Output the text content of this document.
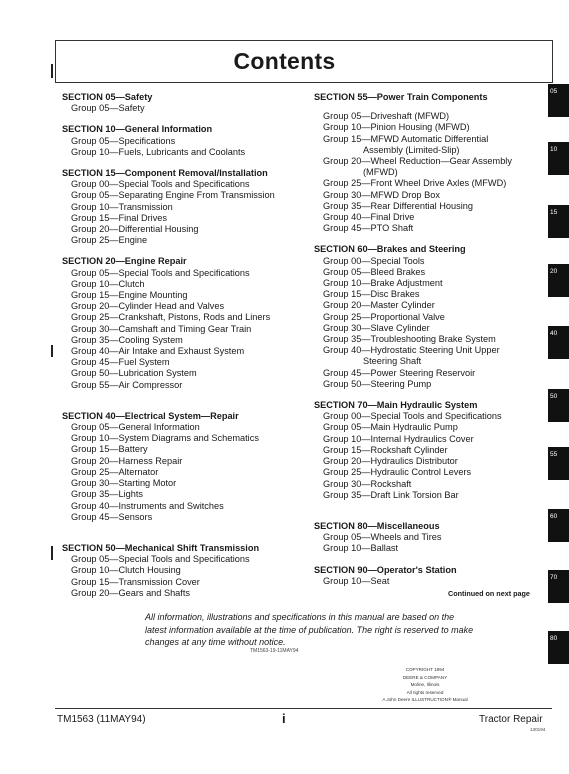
Contents
SECTION 05—Safety
Group 05—Safety
SECTION 10—General Information
Group 05—Specifications
Group 10—Fuels, Lubricants and Coolants
SECTION 15—Component Removal/Installation
Group 00—Special Tools and Specifications
Group 05—Separating Engine From Transmission
Group 10—Transmission
Group 15—Final Drives
Group 20—Differential Housing
Group 25—Engine
SECTION 20—Engine Repair
Group 05—Special Tools and Specifications
Group 10—Clutch
Group 15—Engine Mounting
Group 20—Cylinder Head and Valves
Group 25—Crankshaft, Pistons, Rods and Liners
Group 30—Camshaft and Timing Gear Train
Group 35—Cooling System
Group 40—Air Intake and Exhaust System
Group 45—Fuel System
Group 50—Lubrication System
Group 55—Air Compressor
SECTION 40—Electrical System—Repair
Group 05—General Information
Group 10—System Diagrams and Schematics
Group 15—Battery
Group 20—Harness Repair
Group 25—Alternator
Group 30—Starting Motor
Group 35—Lights
Group 40—Instruments and Switches
Group 45—Sensors
SECTION 50—Mechanical Shift Transmission
Group 05—Special Tools and Specifications
Group 10—Clutch Housing
Group 15—Transmission Cover
Group 20—Gears and Shafts
SECTION 55—Power Train Components
Group 05—Driveshaft (MFWD)
Group 10—Pinion Housing (MFWD)
Group 15—MFWD Automatic Differential
Assembly (Limited-Slip)
Group 20—Wheel Reduction—Gear Assembly
(MFWD)
Group 25—Front Wheel Drive Axles (MFWD)
Group 30—MFWD Drop Box
Group 35—Rear Differential Housing
Group 40—Final Drive
Group 45—PTO Shaft
SECTION 60—Brakes and Steering
Group 00—Special Tools
Group 05—Bleed Brakes
Group 10—Brake Adjustment
Group 15—Disc Brakes
Group 20—Master Cylinder
Group 25—Proportional Valve
Group 30—Slave Cylinder
Group 35—Troubleshooting Brake System
Group 40—Hydrostatic Steering Unit Upper
Steering Shaft
Group 45—Power Steering Reservoir
Group 50—Steering Pump
SECTION 70—Main Hydraulic System
Group 00—Special Tools and Specifications
Group 05—Main Hydraulic Pump
Group 10—Internal Hydraulics Cover
Group 15—Rockshaft Cylinder
Group 20—Hydraulics Distributor
Group 25—Hydraulic Control Levers
Group 30—Rockshaft
Group 35—Draft Link Torsion Bar
SECTION 80—Miscellaneous
Group 05—Wheels and Tires
Group 10—Ballast
SECTION 90—Operator's Station
Group 10—Seat
Continued on next page
All information, illustrations and specifications in this manual are based on the latest information available at the time of publication. The right is reserved to make changes at any time without notice.
TM1563-19-11MAY94
COPYRIGHT 1994
DEERE & COMPANY
Moline, Illinois
All rights reserved
A John Deere ILLUSTRUCTION® Manual
TM1563 (11MAY94)	i	Tractor Repair
130194
05
10
15
20
40
50
55
60
70
80
